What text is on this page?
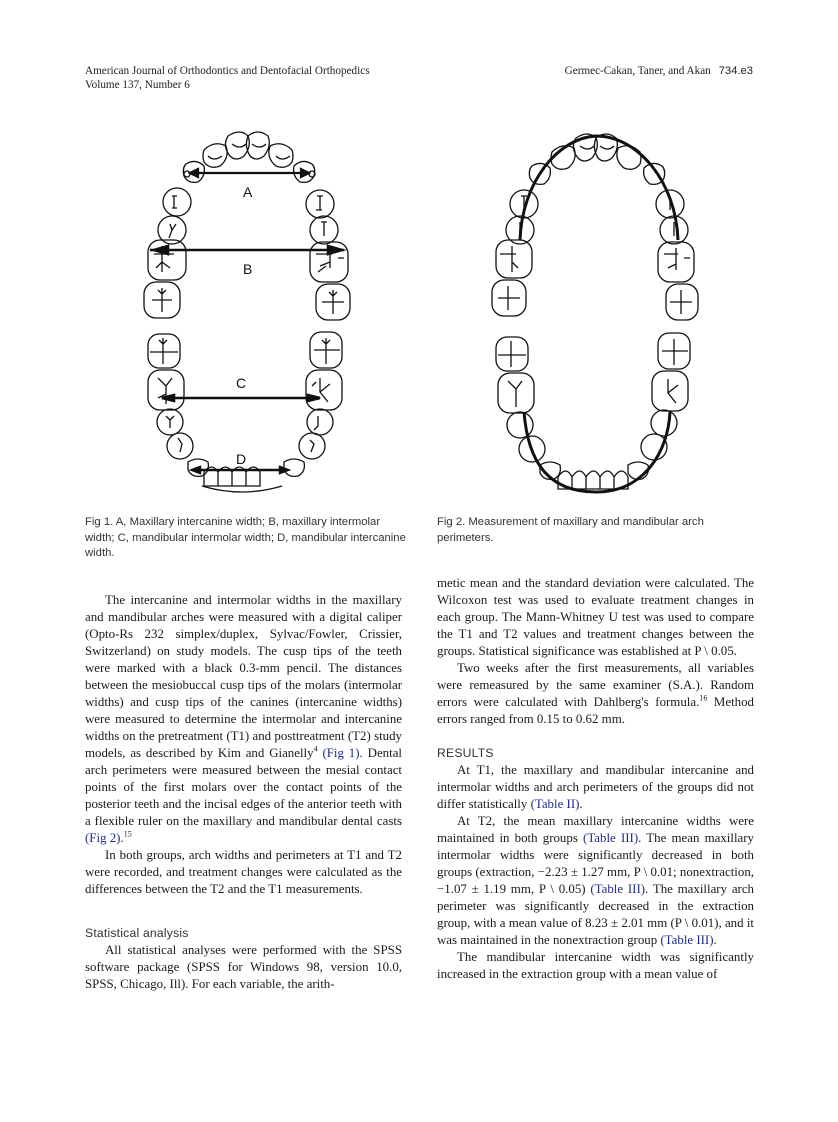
American Journal of Orthodontics and Dentofacial Orthopedics
Volume 137, Number 6
Germec-Cakan, Taner, and Akan 734.e3
A
B
C
D
Fig 1. A, Maxillary intercanine width; B, maxillary intermolar width; C, mandibular intermolar width; D, mandibular intercanine width.
Fig 2. Measurement of maxillary and mandibular arch perimeters.

The intercanine and intermolar widths in the maxillary and mandibular arches were measured with a digital caliper (Opto-Rs 232 simplex/duplex, Sylvac/Fowler, Crissier, Switzerland) on study models. The cusp tips of the teeth were marked with a black 0.3-mm pencil. The distances between the mesiobuccal cusp tips of the molars (intermolar widths) and cusp tips of the canines (intercanine widths) were measured to determine the intermolar and intercanine widths on the pretreatment (T1) and posttreatment (T2) study models, as described by Kim and Gianelly$^4$ (Fig 1). Dental arch perimeters were measured between the mesial contact points of the first molars over the contact points of the posterior teeth and the incisal edges of the anterior teeth with a flexible ruler on the maxillary and mandibular dental casts (Fig 2).$^{15}$

In both groups, arch widths and perimeters at T1 and T2 were recorded, and treatment changes were calculated as the differences between the T2 and the T1 measurements.

Statistical analysis

All statistical analyses were performed with the SPSS software package (SPSS for Windows 98, version 10.0, SPSS, Chicago, Ill). For each variable, the arith-

metic mean and the standard deviation were calculated. The Wilcoxon test was used to evaluate treatment changes in each group. The Mann-Whitney U test was used to compare the T1 and T2 values and treatment changes between the groups. Statistical significance was established at P \ 0.05.

Two weeks after the first measurements, all variables were remeasured by the same examiner (S.A.). Random errors were calculated with Dahlberg's formula.$^{16}$ Method errors ranged from 0.15 to 0.62 mm.

RESULTS

At T1, the maxillary and mandibular intercanine and intermolar widths and arch perimeters of the groups did not differ statistically (Table II).

At T2, the mean maxillary intercanine widths were maintained in both groups (Table III). The mean maxillary intermolar widths were significantly decreased in both groups (extraction, −2.23 ± 1.27 mm, P \ 0.01; nonextraction, −1.07 ± 1.19 mm, P \ 0.05) (Table III). The maxillary arch perimeter was significantly decreased in the extraction group, with a mean value of 8.23 ± 2.01 mm (P \ 0.01), and it was maintained in the nonextraction group (Table III).

The mandibular intercanine width was significantly increased in the extraction group with a mean value of
